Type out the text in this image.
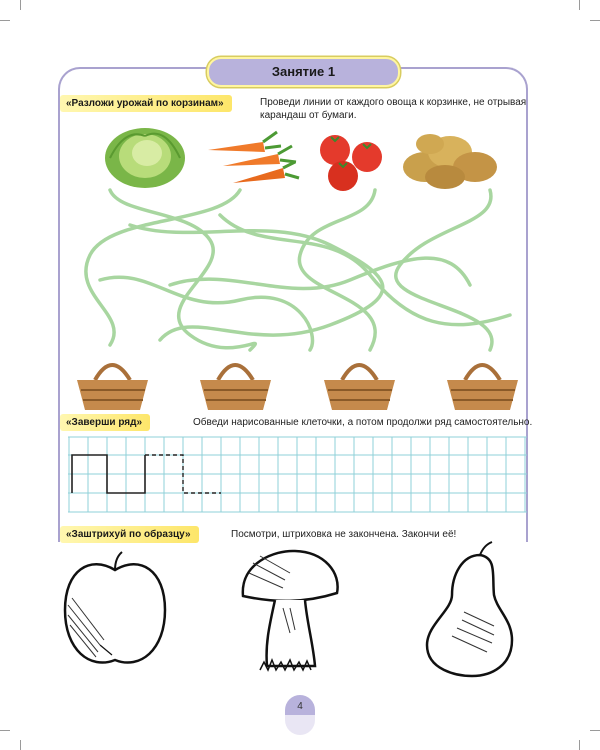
Занятие 1
«Разложи урожай по корзинам»	Проведи линии от каждого овоща к корзинке, не отрывая карандаш от бумаги.
«Заверши ряд»	Обведи нарисованные клеточки, а потом продолжи ряд самостоятельно.
«Заштрихуй по образцу»	Посмотри, штриховка не закончена. Закончи её!
4
